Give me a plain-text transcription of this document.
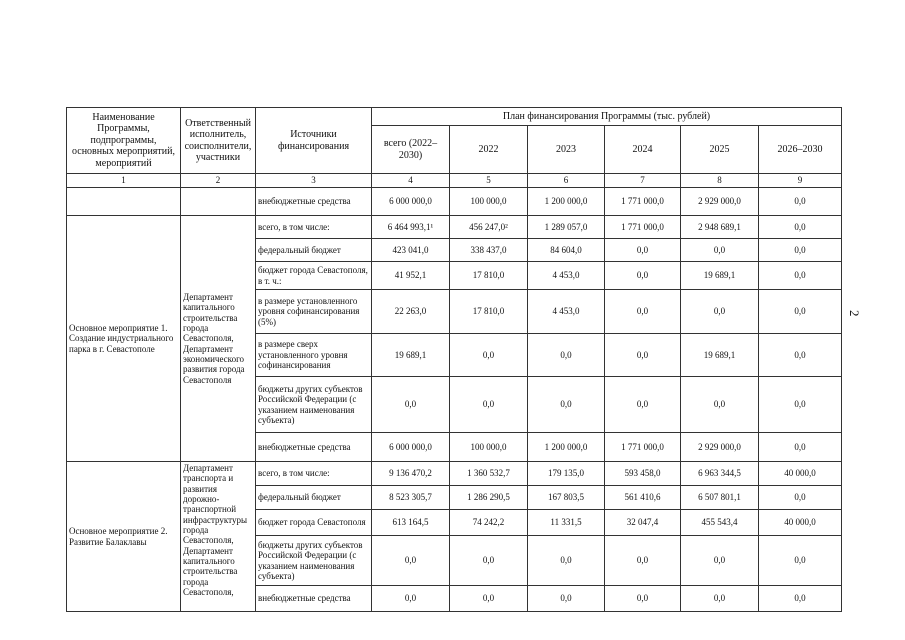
2
Наименование Программы, подпрограммы, основных мероприятий, мероприятий	Ответственный исполнитель, соисполнители, участники	Источники финансирования	План финансирования Программы (тыс. рублей)					
			всего (2022–2030)	2022	2023	2024	2025	2026–2030
1	2	3	4	5	6	7	8	9
		внебюджетные средства	6 000 000,0	100 000,0	1 200 000,0	1 771 000,0	2 929 000,0	0,0
Основное мероприятие 1. Создание индустриального парка в г. Севастополе	Департамент капитального строительства города Севастополя, Департамент экономического развития города Севастополя	всего, в том числе:	6 464 993,1¹	456 247,0²	1 289 057,0	1 771 000,0	2 948 689,1	0,0
		федеральный бюджет	423 041,0	338 437,0	84 604,0	0,0	0,0	0,0
		бюджет города Севастополя, в т. ч.:	41 952,1	17 810,0	4 453,0	0,0	19 689,1	0,0
		в размере установленного уровня софинансирования (5%)	22 263,0	17 810,0	4 453,0	0,0	0,0	0,0
		в размере сверх установленного уровня софинансирования	19 689,1	0,0	0,0	0,0	19 689,1	0,0
		бюджеты других субъектов Российской Федерации (с указанием наименования субъекта)	0,0	0,0	0,0	0,0	0,0	0,0
		внебюджетные средства	6 000 000,0	100 000,0	1 200 000,0	1 771 000,0	2 929 000,0	0,0
Основное мероприятие 2. Развитие Балаклавы	Департамент транспорта и развития дорожно-транспортной инфраструктуры города Севастополя, Департамент капитального строительства города Севастополя,	всего, в том числе:	9 136 470,2	1 360 532,7	179 135,0	593 458,0	6 963 344,5	40 000,0
		федеральный бюджет	8 523 305,7	1 286 290,5	167 803,5	561 410,6	6 507 801,1	0,0
		бюджет города Севастополя	613 164,5	74 242,2	11 331,5	32 047,4	455 543,4	40 000,0
		бюджеты других субъектов Российской Федерации (с указанием наименования субъекта)	0,0	0,0	0,0	0,0	0,0	0,0
		внебюджетные средства	0,0	0,0	0,0	0,0	0,0	0,0
